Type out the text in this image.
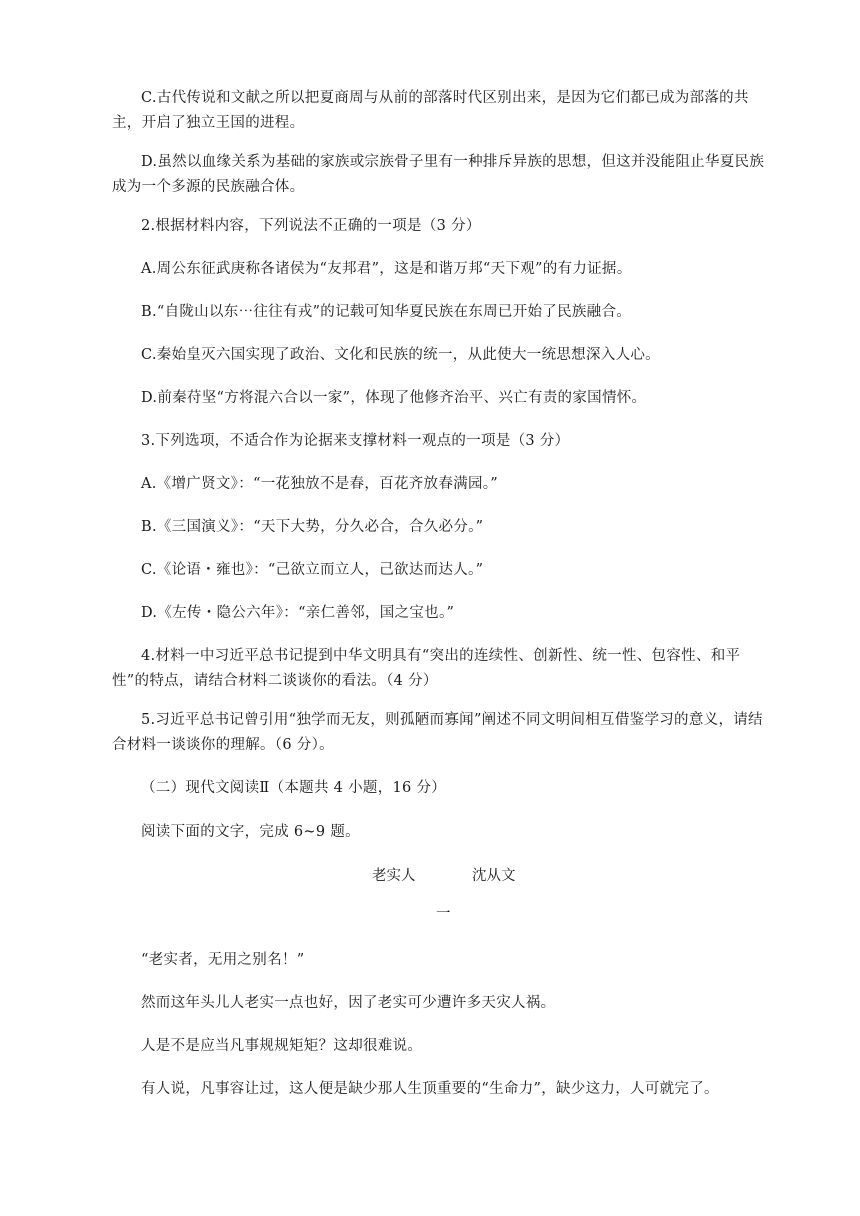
C.古代传说和文献之所以把夏商周与从前的部落时代区别出来，是因为它们都已成为部落的共主，开启了独立王国的进程。

D.虽然以血缘关系为基础的家族或宗族骨子里有一种排斥异族的思想，但这并没能阻止华夏民族成为一个多源的民族融合体。

2.根据材料内容，下列说法不正确的一项是（3 分）

A.周公东征武庚称各诸侯为“友邦君”，这是和谐万邦“天下观”的有力证据。

B.“自陇山以东⋯往往有戎”的记载可知华夏民族在东周已开始了民族融合。

C.秦始皇灭六国实现了政治、文化和民族的统一，从此使大一统思想深入人心。

D.前秦苻坚“方将混六合以一家”，体现了他修齐治平、兴亡有责的家国情怀。

3.下列选项，不适合作为论据来支撑材料一观点的一项是（3 分）

A.《增广贤文》：“一花独放不是春，百花齐放春满园。”

B.《三国演义》：“天下大势，分久必合，合久必分。”

C.《论语・雍也》：“己欲立而立人，己欲达而达人。”

D.《左传・隐公六年》：“亲仁善邻，国之宝也。”

4.材料一中习近平总书记提到中华文明具有“突出的连续性、创新性、统一性、包容性、和平性”的特点，请结合材料二谈谈你的看法。（4 分）

5.习近平总书记曾引用“独学而无友，则孤陋而寡闻”阐述不同文明间相互借鉴学习的意义，请结合材料一谈谈你的理解。（6 分）。

（二）现代文阅读Ⅱ（本题共 4 小题，16 分）

阅读下面的文字，完成 6~9 题。

老实人	沈从文
一

“老实者，无用之别名！”

然而这年头儿人老实一点也好，因了老实可少遭许多天灾人祸。

人是不是应当凡事规规矩矩？这却很难说。

有人说，凡事容让过，这人便是缺少那人生顶重要的“生命力”，缺少这力，人可就完了。
